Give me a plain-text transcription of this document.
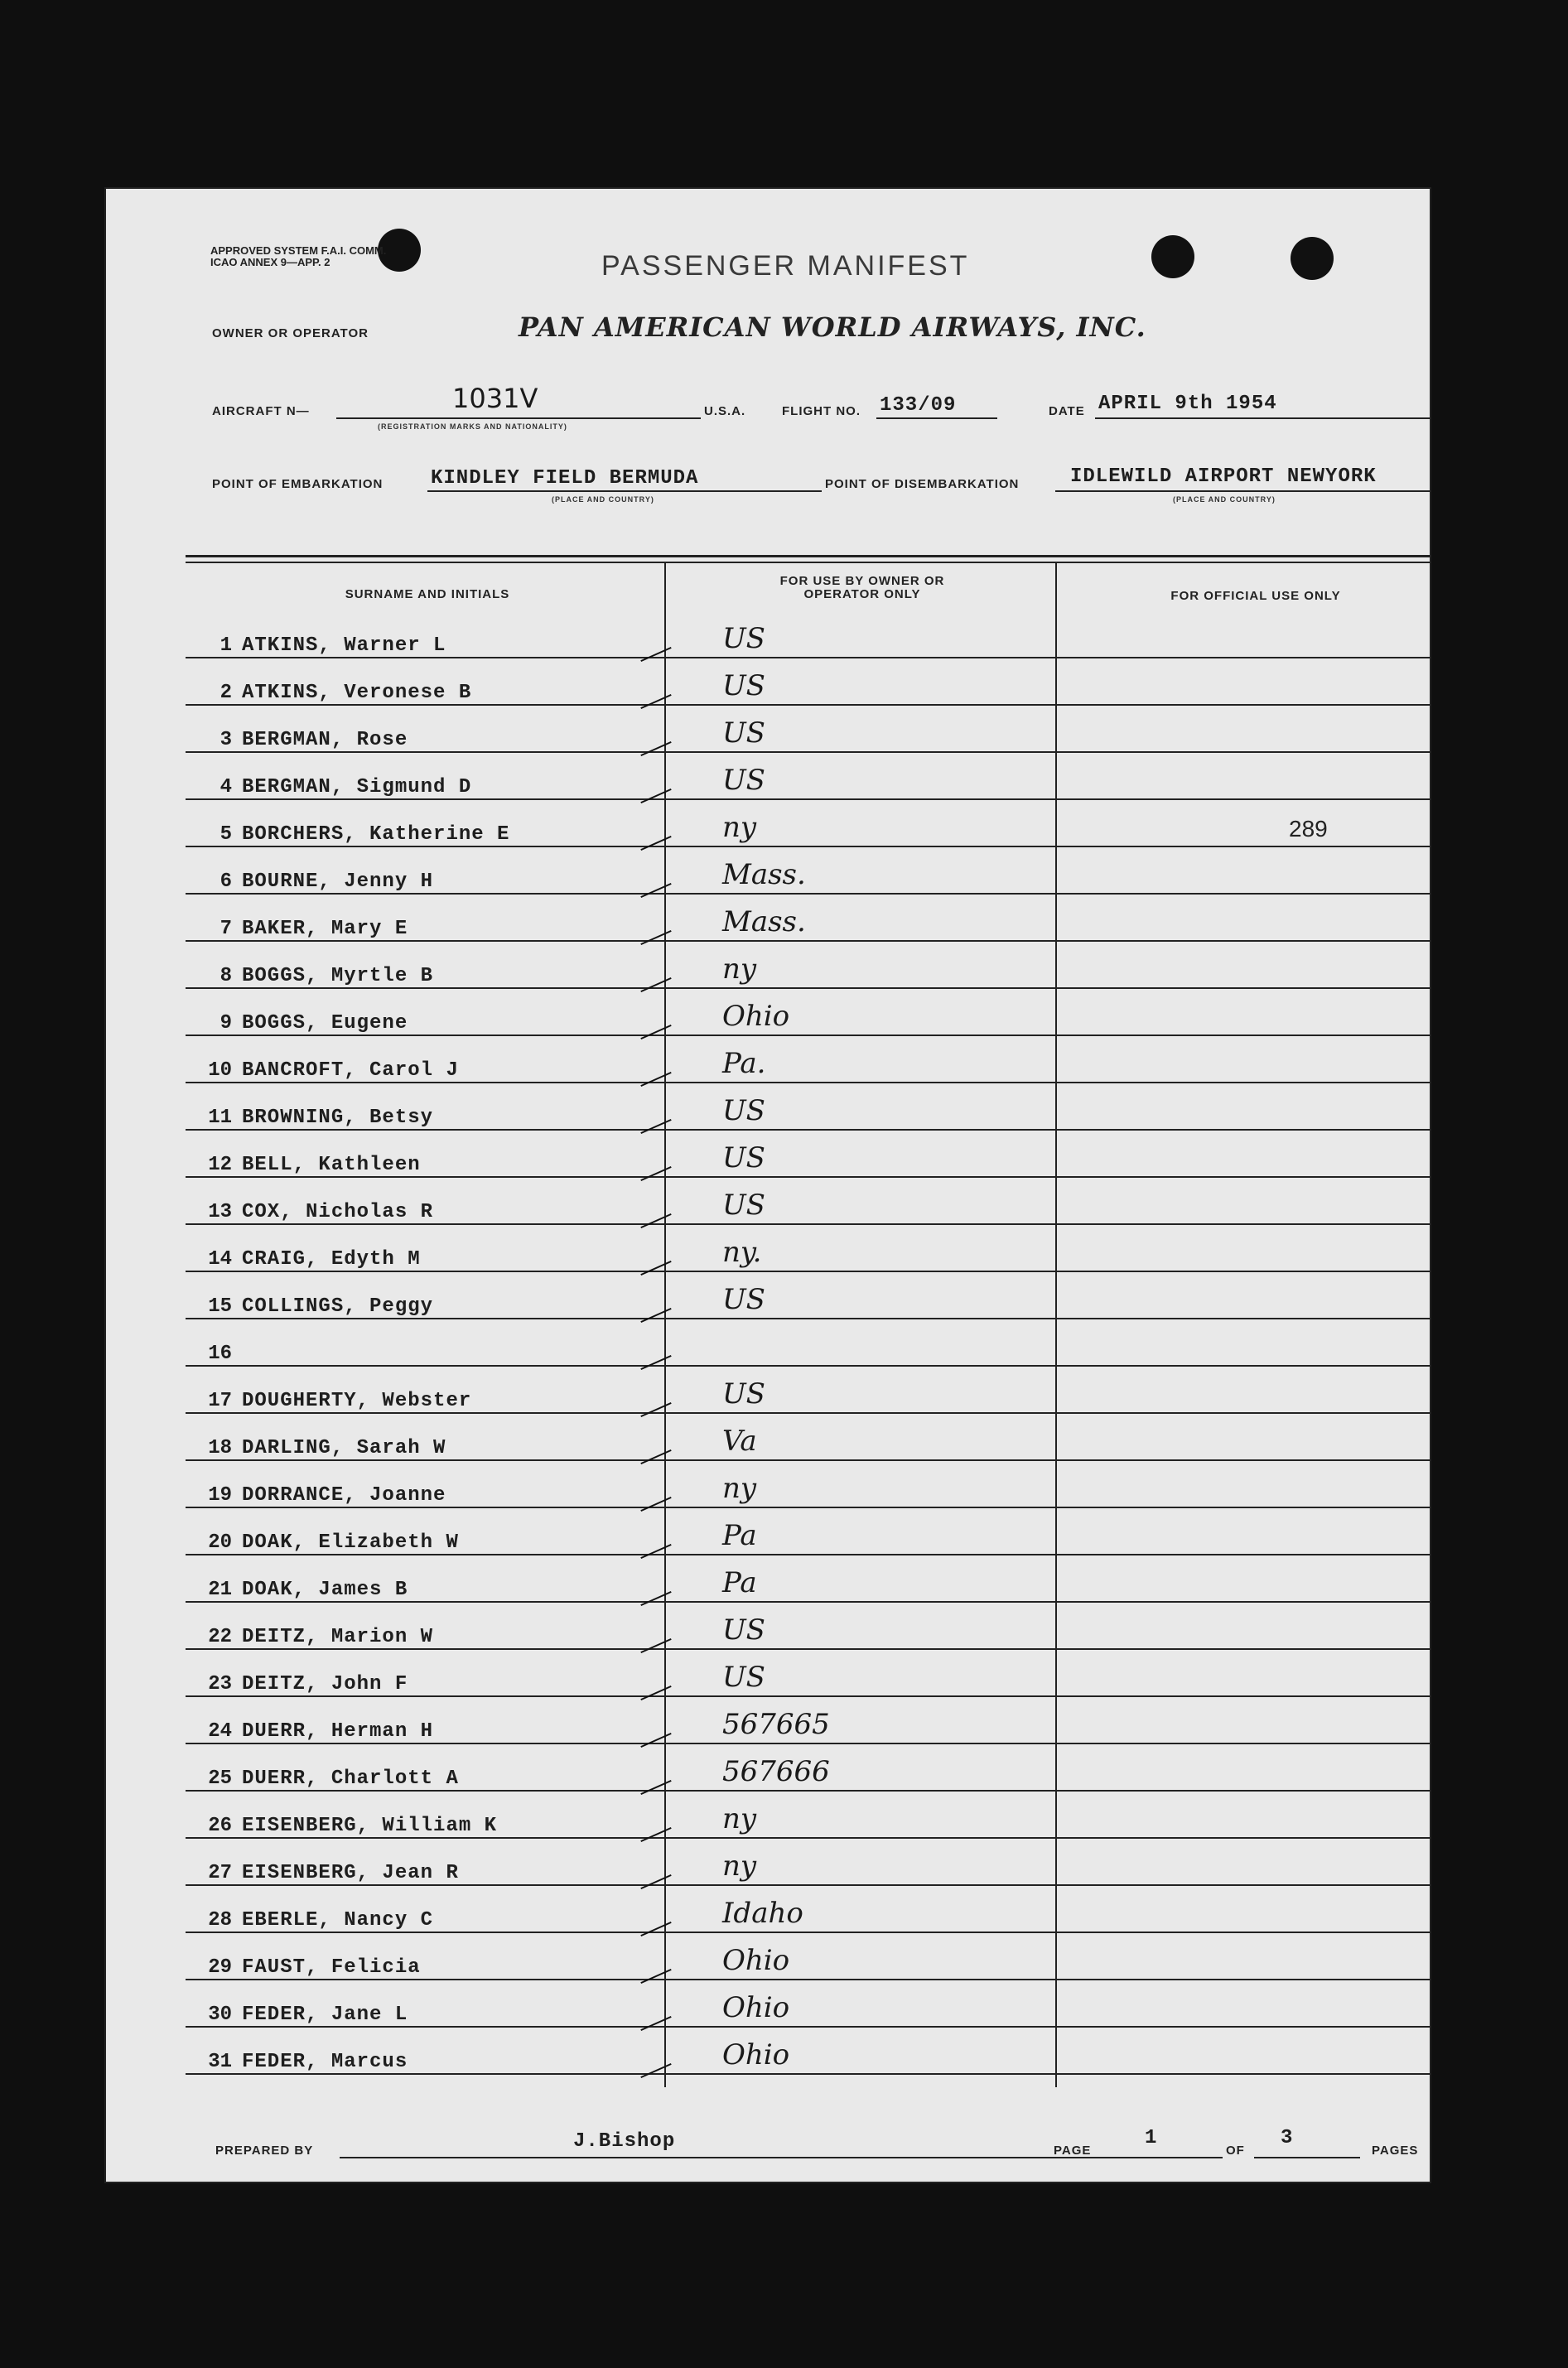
APPROVED SYSTEM F.A.I. COMM. ICAO ANNEX 9—APP. 2	PASSENGER MANIFEST
OWNER OR OPERATOR	PAN AMERICAN WORLD AIRWAYS, INC.
AIRCRAFT N—	1031V
(REGISTRATION MARKS AND NATIONALITY)
U.S.A.	FLIGHT NO. 133/09	DATE APRIL 9th 1954
POINT OF EMBARKATION KINDLEY FIELD BERMUDA
(PLACE AND COUNTRY)
POINT OF DISEMBARKATION	IDLEWILD AIRPORT NEWYORK
(PLACE AND COUNTRY)
SURNAME AND INITIALS
FOR USE BY OWNER OR OPERATOR ONLY	FOR OFFICIAL USE ONLY
1 ATKINS, Warner L	US
2 ATKINS, Veronese B	US
3 BERGMAN, Rose	US
4 BERGMAN, Sigmund D	US
5 BORCHERS, Katherine E	ny	289
6 BOURNE, Jenny H	Mass.
7 BAKER, Mary E	Mass.
8 BOGGS, Myrtle B	ny
9 BOGGS, Eugene	Ohio
10 BANCROFT, Carol J	Pa.
11 BROWNING, Betsy	US
12 BELL, Kathleen	US
13 COX, Nicholas R	US
14 CRAIG, Edyth M	ny.
15 COLLINGS, Peggy	US
16
17 DOUGHERTY, Webster	US
18 DARLING, Sarah W	Va
19 DORRANCE, Joanne	ny
20 DOAK, Elizabeth W	Pa
21 DOAK, James B	Pa
22 DEITZ, Marion W	US
23 DEITZ, John F	US
24 DUERR, Herman H	567665
25 DUERR, Charlott A	567666
26 EISENBERG, William K	ny
27 EISENBERG, Jean R	ny
28 EBERLE, Nancy C	Idaho
29 FAUST, Felicia	Ohio
30 FEDER, Jane L	Ohio
31 FEDER, Marcus	Ohio
PREPARED BY	J.Bishop	PAGE
1
OF
3
PAGES
